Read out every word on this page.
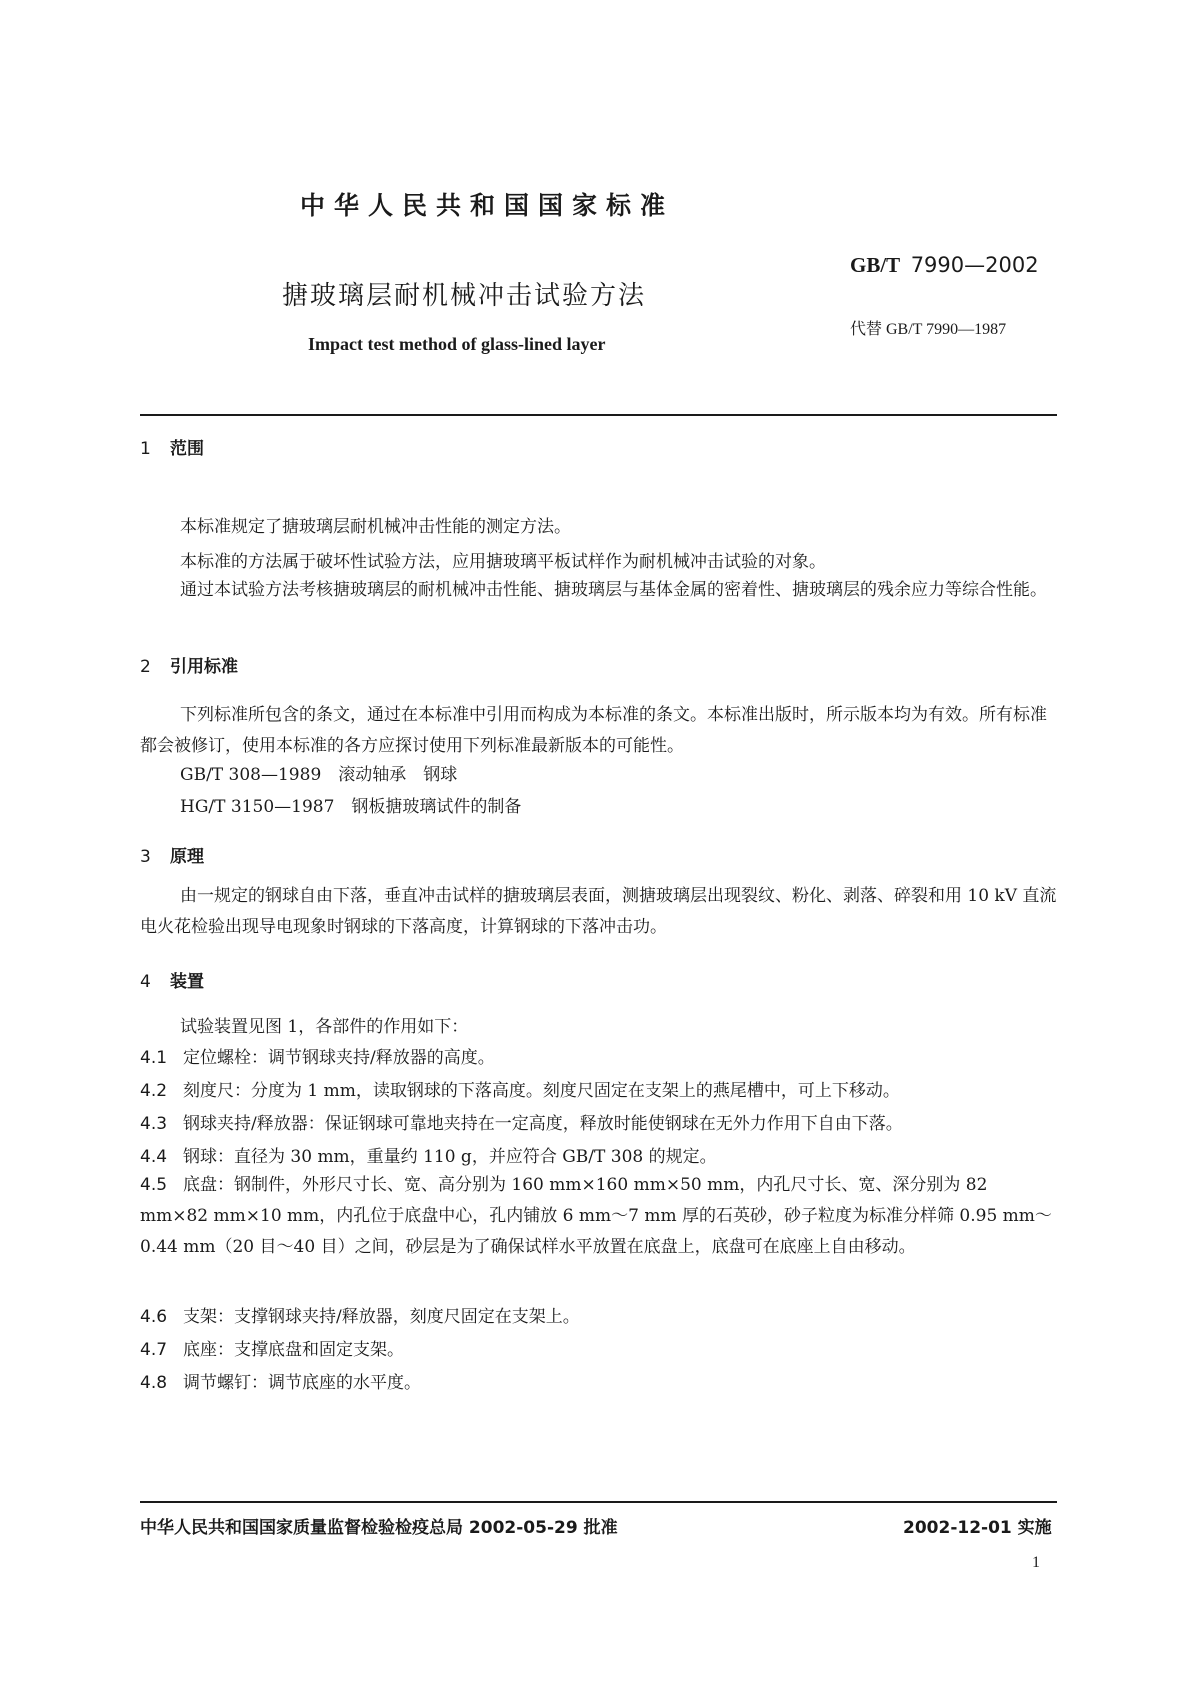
中华人民共和国国家标准
搪玻璃层耐机械冲击试验方法
Impact test method of glass-lined layer
GB/T 7990—2002
代替 GB/T 7990—1987
1 范围
本标准规定了搪玻璃层耐机械冲击性能的测定方法。
本标准的方法属于破坏性试验方法，应用搪玻璃平板试样作为耐机械冲击试验的对象。
通过本试验方法考核搪玻璃层的耐机械冲击性能、搪玻璃层与基体金属的密着性、搪玻璃层的残余应力等综合性能。
2 引用标准
下列标准所包含的条文，通过在本标准中引用而构成为本标准的条文。本标准出版时，所示版本均为有效。所有标准都会被修订，使用本标准的各方应探讨使用下列标准最新版本的可能性。
GB/T 308—1989　滚动轴承　钢球
HG/T 3150—1987　钢板搪玻璃试件的制备
3 原理
由一规定的钢球自由下落，垂直冲击试样的搪玻璃层表面，测搪玻璃层出现裂纹、粉化、剥落、碎裂和用 10 kV 直流电火花检验出现导电现象时钢球的下落高度，计算钢球的下落冲击功。
4 装置
试验装置见图 1，各部件的作用如下：
4.1 定位螺栓：调节钢球夹持/释放器的高度。
4.2 刻度尺：分度为 1 mm，读取钢球的下落高度。刻度尺固定在支架上的燕尾槽中，可上下移动。
4.3 钢球夹持/释放器：保证钢球可靠地夹持在一定高度，释放时能使钢球在无外力作用下自由下落。
4.4 钢球：直径为 30 mm，重量约 110 g，并应符合 GB/T 308 的规定。
4.5 底盘：钢制件，外形尺寸长、宽、高分别为 160 mm×160 mm×50 mm，内孔尺寸长、宽、深分别为 82 mm×82 mm×10 mm，内孔位于底盘中心，孔内铺放 6 mm～7 mm 厚的石英砂，砂子粒度为标准分样筛 0.95 mm～0.44 mm（20 目～40 目）之间，砂层是为了确保试样水平放置在底盘上，底盘可在底座上自由移动。
4.6 支架：支撑钢球夹持/释放器，刻度尺固定在支架上。
4.7 底座：支撑底盘和固定支架。
4.8 调节螺钉：调节底座的水平度。
中华人民共和国国家质量监督检验检疫总局 2002-05-29 批准	2002-12-01 实施
1
